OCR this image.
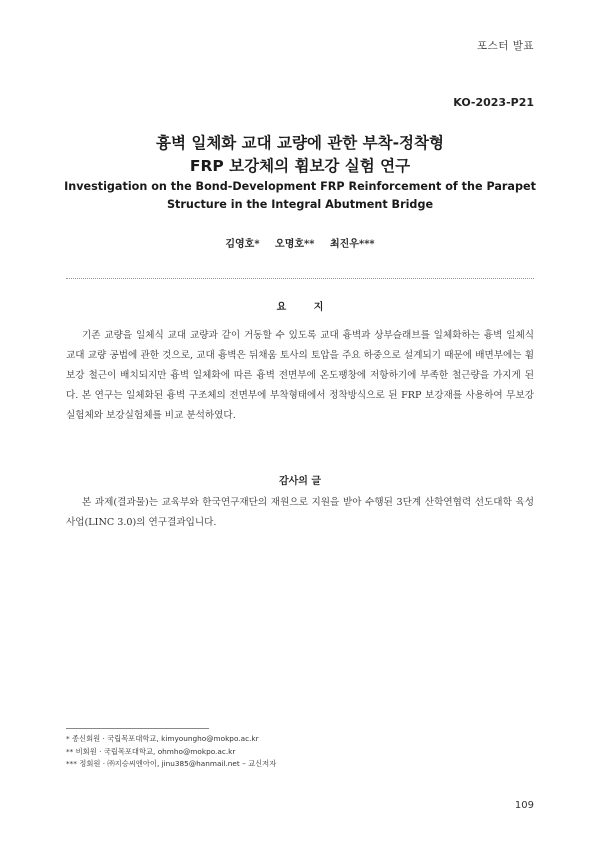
포스터 발표
KO-2023-P21
흉벽 일체화 교대 교량에 관한 부착-정착형
FRP 보강체의 휨보강 실험 연구
Investigation on the Bond-Development FRP Reinforcement of the Parapet
Structure in the Integral Abutment Bridge
김영호* 오명호** 최진우***
요 지

기존 교량을 일체식 교대 교량과 같이 거동할 수 있도록 교대 흉벽과 상부슬래브를 일체화하는 흉벽 일체식 교대 교량 공법에 관한 것으로, 교대 흉벽은 뒤채움 토사의 토압을 주요 하중으로 설계되기 때문에 배면부에는 휨보강 철근이 배치되지만 흉벽 일체화에 따른 흉벽 전면부에 온도팽창에 저항하기에 부족한 철근량을 가지게 된다. 본 연구는 일체화된 흉벽 구조체의 전면부에 부착형태에서 정착방식으로 된 FRP 보강재를 사용하여 무보강 실험체와 보강실험체를 비교 분석하였다.

감사의 글

본 과제(결과물)는 교육부와 한국연구재단의 재원으로 지원을 받아 수행된 3단계 산학연협력 선도대학 육성사업(LINC 3.0)의 연구결과입니다.

* 종신회원 · 국립목포대학교, kimyoungho@mokpo.ac.kr
** 비회원 · 국립목포대학교, ohmho@mokpo.ac.kr
*** 정회원 · ㈜지승씨엔아이, jinu385@hanmail.net – 교신저자
109
